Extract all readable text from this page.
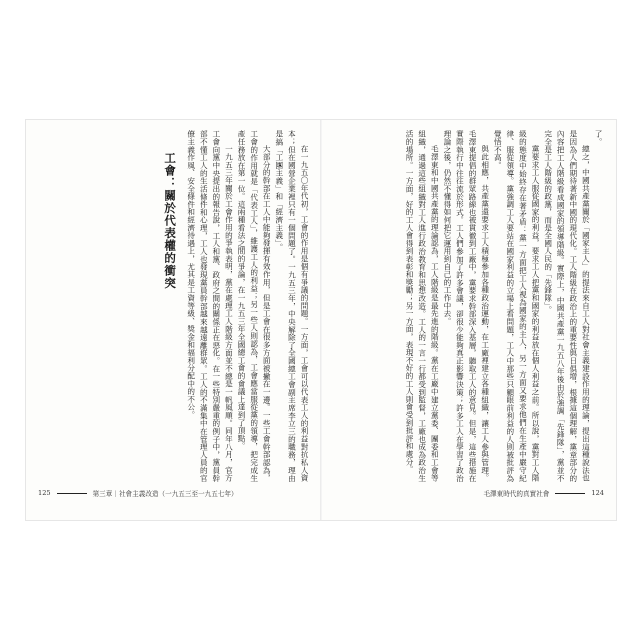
在一九五〇年代初，工會的作用是個有爭議的問題。一方面，工會可以代表工人的利益對抗私人資本；但在國營企業裡只有一個問題了。一九五三年，中央解除了全國總工會副主席李立三的職務，理由是搞「工團主義」和「經濟主義」。

大部分的幹部在工人中能夠發揮有效作用，但是工會在很多方面被撇在一邊。一些工會幹部認為，工會的作用就是「代表工人」，維護工人的利益；另一些人則認為，工會應當服從黨的領導，把完成生產任務放在第一位。這兩種看法之間的爭論，在一九五三年全國總工會的會議上達到了頂點。

一九五三年關於工會作用的爭執表明，黨在處理工人階級方面並不總是一帆風順。同年八月，官方工會向黨中央提出的報告說，工人和黨、政府之間的關係正在惡化。在一些特別嚴重的例子中，黨員幹部不懂工人的生活條件和心理，工人也發現黨員幹部越來越遠離群眾。工人的不滿集中在管理人員的官僚主義作風、安全條件和經濟待遇上，尤其是工資等級、獎金和福利分配中的不公。

工會：關於代表權的衝突
125	第三章｜社會主義改造（一九五三至一九五七年）

了。

總之，中國共產黨關於「國家主人」的提法來自工人對社會主義建設作用的理論，提出這種說法也是因為人們期待著新中國的現代化。工人階級在政治上的重要性與日俱增，根據這個理解，黨章部分的內容把工人階級看成國家的領導階級。實際上，中國共產黨一九五八年後由於強調「先鋒隊」，黨並不完全是工人階級的政黨，而是全國人民的「先鋒隊」。

黨要求工人服從國家的利益，要求工人把黨和國家的利益放在個人利益之前。所以說，黨對工人階級的態度中始終存在著矛盾：黨一方面把工人視為國家的主人，另一方面又要求他們在生產中嚴守紀律、服從領導。黨強調工人要站在國家利益的立場上看問題，工人中那些只顧眼前利益的人則被批評為覺悟不高。

與此相應，共產黨還要求工人積極參加各種政治運動，在工廠裡建立各種組織，讓工人參與管理。毛澤東提倡的群眾路線也被貫徹到工廠中，黨要求幹部深入基層，聽取工人的意見。但是，這些措施在實際執行中往往流於形式。工人們參加了許多會議，卻很少能夠真正影響決策；許多工人在學習了政治理論之後，仍然不懂得如何把它運用到自己的工作中去。

毛澤東和中國共產黨的理論認為，工人階級是最先進的階級。黨在工廠中建立黨委、團委和工會等組織，通過這些組織對工人進行政治教育和思想改造。工人的一言一行都受到監督，工廠也成為政治生活的場所。一方面，好的工人會得到表彰和獎勵；另一方面，表現不好的工人則會受到批評和處分。

毛澤東時代的真實社會	124
